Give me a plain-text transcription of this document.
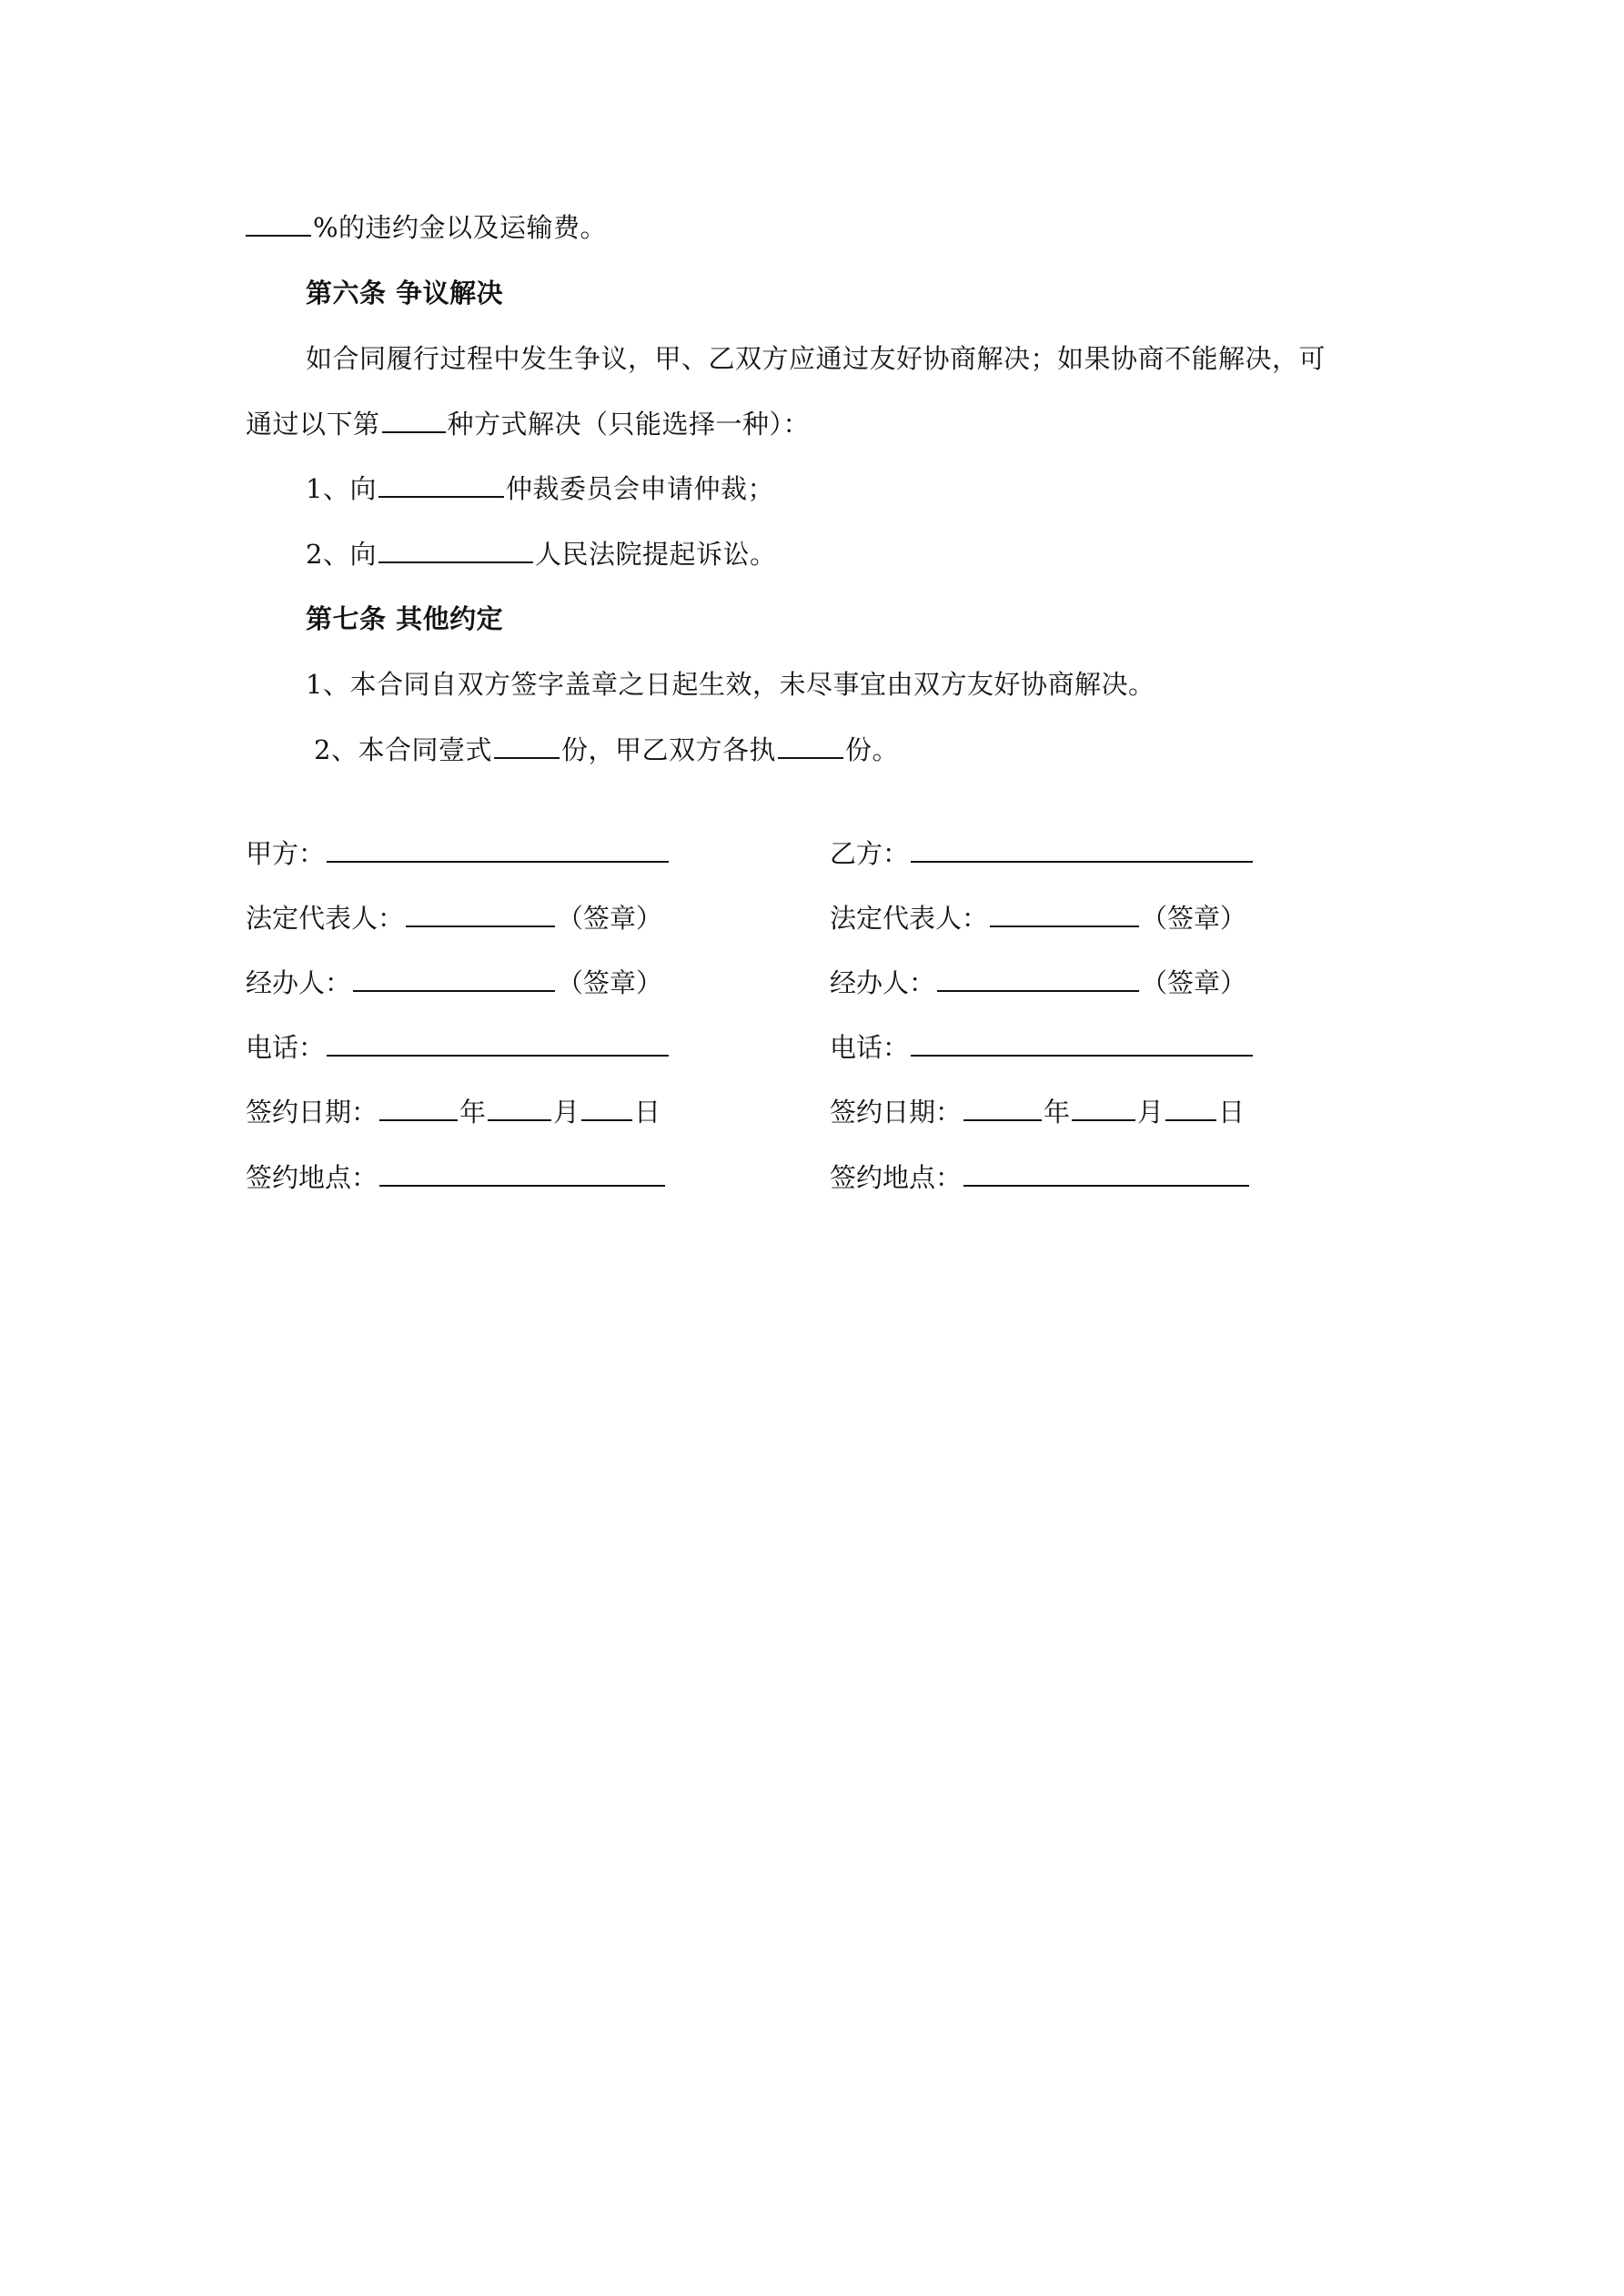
%的违约金以及运输费。
第六条 争议解决
如合同履行过程中发生争议，甲、乙双方应通过友好协商解决；如果协商不能解决，可
通过以下第	种方式解决（只能选择一种）：
1、向	仲裁委员会申请仲裁；
2、向	人民法院提起诉讼。
第七条 其他约定
1、本合同自双方签字盖章之日起生效，未尽事宜由双方友好协商解决。
2、本合同壹式	份，甲乙双方各执	份。
甲方：
法定代表人：	（签章）
经办人：	（签章）
电话：
签约日期：	年	月 日
签约地点：
乙方：
法定代表人：	（签章）
经办人：	（签章）
电话：
签约日期：	年	月 日
签约地点：
